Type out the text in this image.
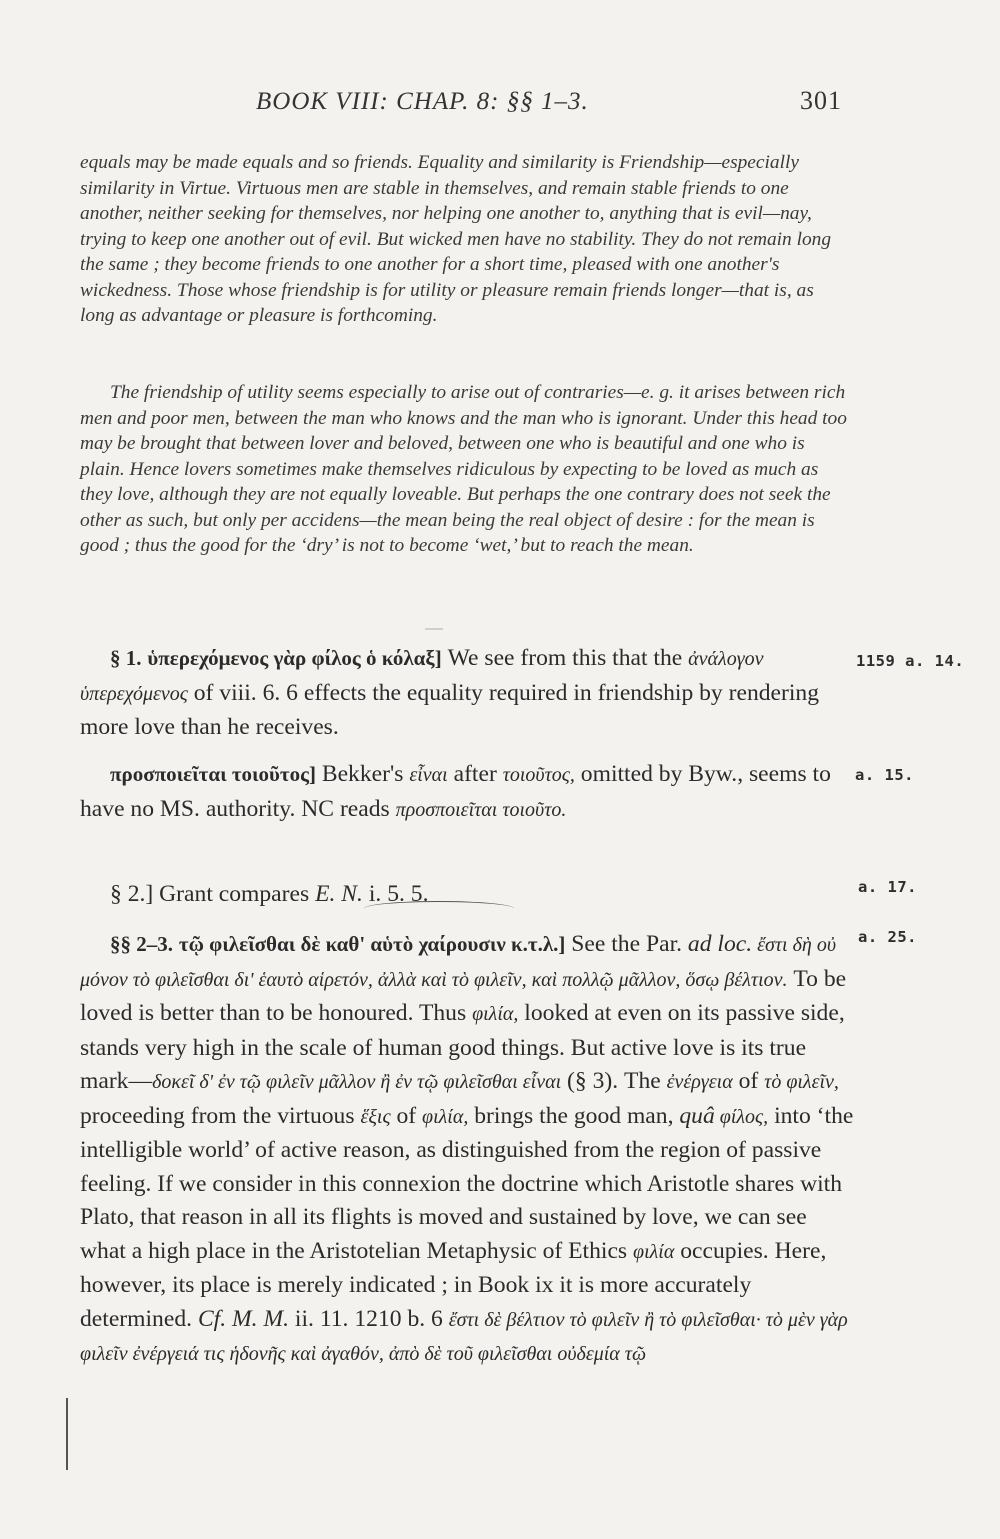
BOOK VIII: CHAP. 8: §§ 1–3.	301

equals may be made equals and so friends. Equality and similarity is Friendship—especially similarity in Virtue. Virtuous men are stable in themselves, and remain stable friends to one another, neither seeking for themselves, nor helping one another to, anything that is evil—nay, trying to keep one another out of evil. But wicked men have no stability. They do not remain long the same ; they become friends to one another for a short time, pleased with one another's wickedness. Those whose friendship is for utility or pleasure remain friends longer—that is, as long as advantage or pleasure is forthcoming.

The friendship of utility seems especially to arise out of contraries—e. g. it arises between rich men and poor men, between the man who knows and the man who is ignorant. Under this head too may be brought that between lover and beloved, between one who is beautiful and one who is plain. Hence lovers sometimes make themselves ridiculous by expecting to be loved as much as they love, although they are not equally loveable. But perhaps the one contrary does not seek the other as such, but only per accidens—the mean being the real object of desire : for the mean is good ; thus the good for the ‘dry’ is not to become ‘wet,’ but to reach the mean.

§ 1. ὑπερεχόμενος γὰρ φίλος ὁ κόλαξ] We see from this that the ἀνάλογον ὑπερεχόμενος of viii. 6. 6 effects the equality required in friendship by rendering more love than he receives.

1159 a. 14.

προσποιεῖται τοιοῦτος] Bekker's εἶναι after τοιοῦτος, omitted by Byw., seems to have no MS. authority. NC reads προσποιεῖται τοιοῦτο.

a. 15.

§ 2.] Grant compares E. N. i. 5. 5.	a. 17.

§§ 2–3. τῷ φιλεῖσθαι δὲ καθ' αὑτὸ χαίρουσιν κ.τ.λ.] See the Par. ad loc. ἔστι δὴ οὐ μόνον τὸ φιλεῖσθαι δι' ἑαυτὸ αἱρετόν, ἀλλὰ καὶ τὸ φιλεῖν, καὶ πολλῷ μᾶλλον, ὅσῳ βέλτιον. To be loved is better than to be honoured. Thus φιλία, looked at even on its passive side, stands very high in the scale of human good things. But active love is its true mark—δοκεῖ δ' ἐν τῷ φιλεῖν μᾶλλον ἢ ἐν τῷ φιλεῖσθαι εἶναι (§ 3). The ἐνέργεια of τὸ φιλεῖν, proceeding from the virtuous ἕξις of φιλία, brings the good man, quâ φίλος, into ‘the intelligible world’ of active reason, as distinguished from the region of passive feeling. If we consider in this connexion the doctrine which Aristotle shares with Plato, that reason in all its flights is moved and sustained by love, we can see what a high place in the Aristotelian Metaphysic of Ethics φιλία occupies. Here, however, its place is merely indicated ; in Book ix it is more accurately determined. Cf. M. M. ii. 11. 1210 b. 6 ἔστι δὲ βέλτιον τὸ φιλεῖν ἢ τὸ φιλεῖσθαι· τὸ μὲν γὰρ φιλεῖν ἐνέργειά τις ἡδονῆς καὶ ἀγαθόν, ἀπὸ δὲ τοῦ φιλεῖσθαι οὐδεμία τῷ

a. 25.
